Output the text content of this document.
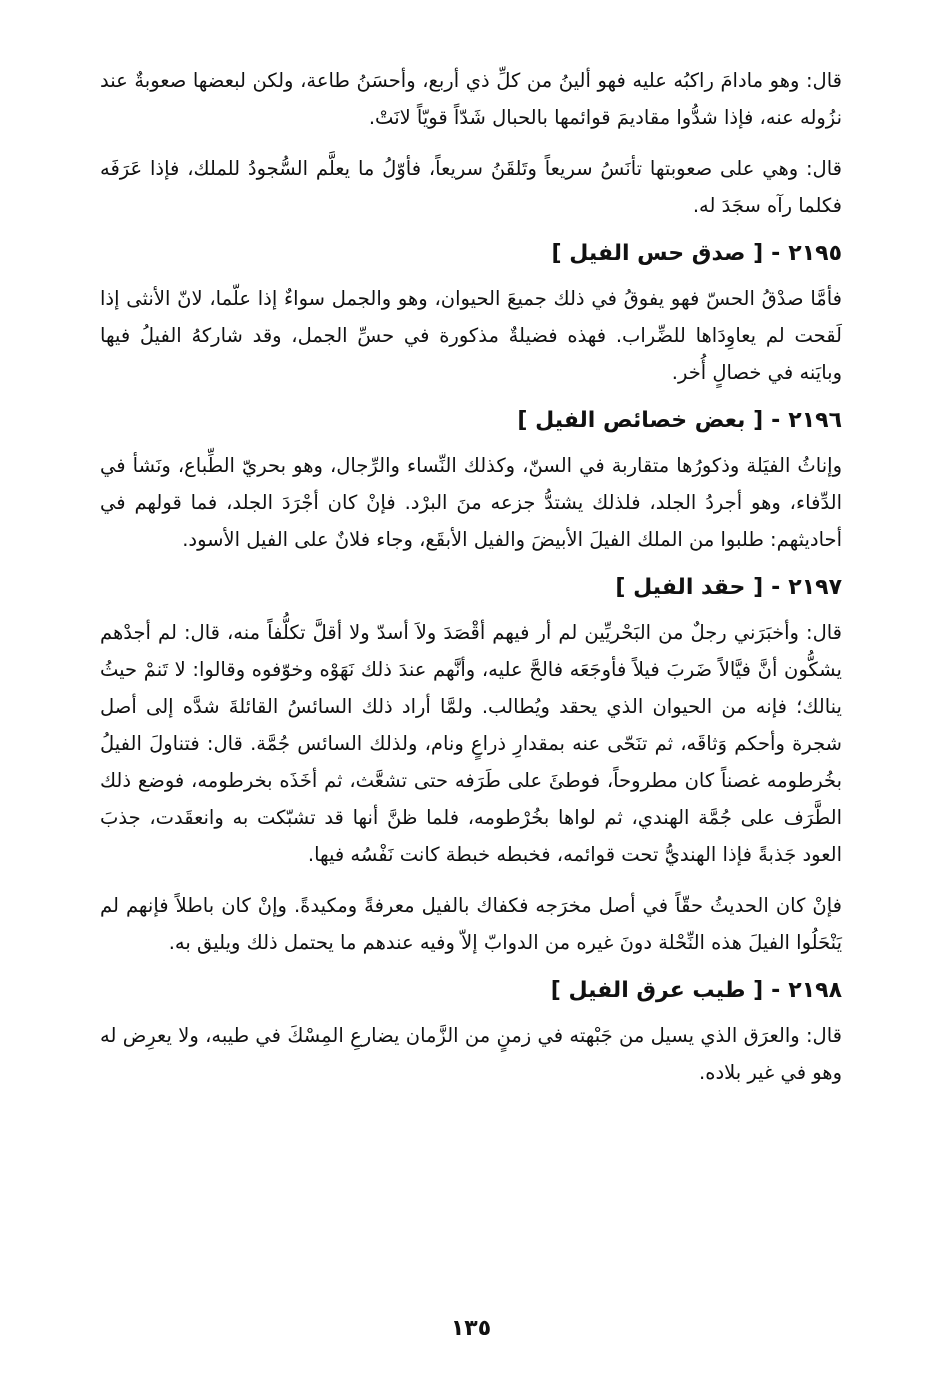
قال: وهو مادامَ راكبُه عليه فهو ألينُ من كلِّ ذي أربع، وأحسَنُ طاعة، ولكن لبعضها صعوبةٌ عند نزُوله عنه، فإذا شدُّوا مقاديمَ قوائمها بالحبال شَدّاً قويّاً لانَتْ.

قال: وهي على صعوبتها تأنَسُ سريعاً وتَلقَنُ سريعاً، فأوّلُ ما يعلَّم السُّجودُ للملك، فإذا عَرَفَه فكلما رآه سجَدَ له.

٢١٩٥-[ صدق حس الفيل ]

فأمَّا صدْقُ الحسّ فهو يفوقُ في ذلك جميعَ الحيوان، وهو والجمل سواءٌ إذا علّما، لانّ الأنثى إذا لَقحت لم يعاوِدَاها للضِّراب. فهذه فضيلةٌ مذكورة في حسِّ الجمل، وقد شاركهُ الفيلُ فيها وبايَنه في خصالٍ أُخر.

٢١٩٦-[ بعض خصائص الفيل ]

وإناثُ الفيَلة وذكورُها متقاربة في السنّ، وكذلك النِّساء والرِّجال، وهو بحريّ الطِّباع، ونَشأ في الدِّفاء، وهو أجردُ الجلد، فلذلك يشتدُّ جزعه منَ البرْد. فإنْ كان أجْرَدَ الجلد، فما قولهم في أحاديثهم: طلبوا من الملك الفيلَ الأبيضَ والفيل الأبقَع، وجاء فلانٌ على الفيل الأسود.

٢١٩٧-[ حقد الفيل ]

قال: وأخبَرَني رجلٌ من البَحْريِّين لم أر فيهم أقْصَدَ ولاَ أسدّ ولا أقلَّ تكلُّفاً منه، قال: لم أجدْهم يشكُّون أنَّ فيَّالاً ضَربَ فيلاً فأوجَعَه فالحَّ عليه، وأنَّهم عندَ ذلك نَهَوْه وخوّفوه وقالوا: لا تَنمْ حيثُ ينالك؛ فإنه من الحيوان الذي يحقد ويُطالب. ولمَّا أراد ذلك السائسُ القائلةَ شدَّه إلى أصل شجرة وأحكم وَثاقَه، ثم تنَحّى عنه بمقدارِ ذراعٍ ونام، ولذلك السائس جُمَّة. قال: فتناولَ الفيلُ بخُرطومه غصناً كان مطروحاً، فوطئَ على طَرَفه حتى تشعَّث، ثم أخَذَه بخرطومه، فوضع ذلك الطَّرَف على جُمَّة الهندي، ثم لواها بخُرْطومه، فلما ظنَّ أنها قد تشبّكت به وانعقَدت، جذبَ العود جَذبةً فإذا الهنديُّ تحت قوائمه، فخبطه خبطة كانت نَفْسُه فيها.

فإنْ كان الحديثُ حقّاً في أصل مخرَجه فكفاك بالفيل معرفةً ومكيدةً. وإنْ كان باطلاً فإنهم لم يَنْحَلُوا الفيلَ هذه النِّحْلة دونَ غيره من الدوابّ إلاّ وفيه عندهم ما يحتمل ذلك ويليق به.

٢١٩٨-[ طيب عرق الفيل ]

قال: والعرَق الذي يسيل من جَبْهته في زمنٍ من الزَّمان يضارعِ المِسْكَ في طيبه، ولا يعرِض له وهو في غير بلاده.

١٣٥
